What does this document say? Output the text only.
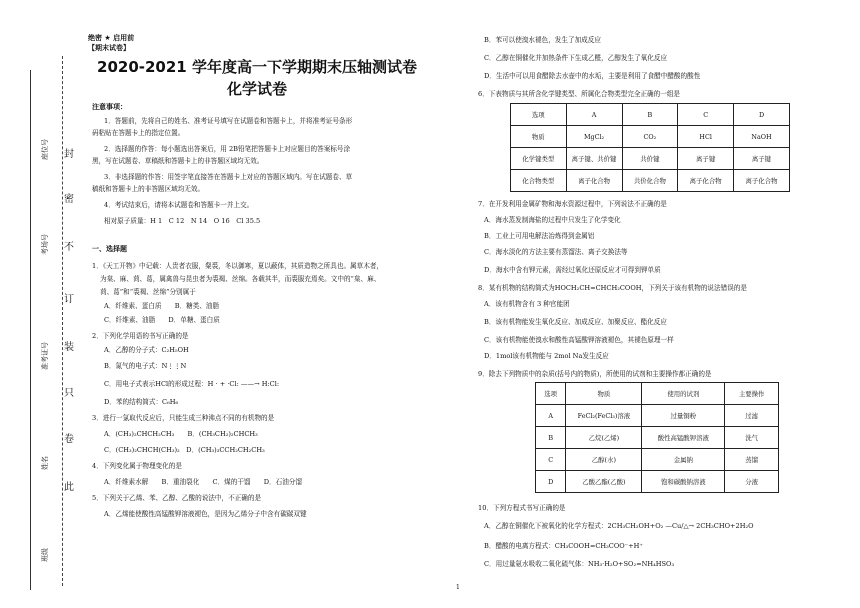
座位号
考场号
准考证号
姓名
班级
封
密
不
订
装
只
卷
此
绝密 ★ 启用前
【期末试卷】
2020-2021 学年度高一下学期期末压轴测试卷
化学试卷
注意事项：
1．答题前，先将自己的姓名、准考证号填写在试题卷和答题卡上，并将准考证号条形
码粘贴在答题卡上的指定位置。
2．选择题的作答：每小题选出答案后，用 2B铅笔把答题卡上对应题目的答案标号涂
黑，写在试题卷、草稿纸和答题卡上的非答题区域均无效。
3．非选择题的作答：用签字笔直接答在答题卡上对应的答题区域内。写在试题卷、草
稿纸和答题卡上的非答题区域均无效。
4．考试结束后，请将本试题卷和答题卡一并上交。
相对原子质量：H 1　C 12　N 14　O 16　Cl 35.5
一、选择题
1．《天工开物》中记载：人贵者衣服，粲裘，冬以御寒，夏以蔽体，其质造物之所具也。属草木者，
为枲、麻、苘、葛，属禽兽与昆虫者为裘褐、丝绵。各载其半，而裘服充焉矣。文中的“枲、麻、
苘、葛”和“裘褐、丝绵”分别属于
A．纤维素、蛋白质　　B．糖类、油脂
C．纤维素、油脂　　D．单糖、蛋白质
2．下列化学用语的书写正确的是
A．乙醇的分子式：C₂H₅OH
B．氮气的电子式：N⋮⋮N
C．用电子式表示HCl的形成过程：H · + ·Cl: ——→ H:Cl:
D．苯的结构简式：C₆H₆
3．进行一氯取代反应后，只能生成三种沸点不同的有机物的是
A．(CH₃)₂CHCH₂CH₃　　B．(CH₃CH₂)₂CHCH₃
C．(CH₃)₂CHCH(CH₃)₂　D．(CH₃)₃CCH₂CH₂CH₃
4．下列变化属于物理变化的是
A．纤维素水解　　B．重油裂化　　C．煤的干馏　　D．石油分馏
5．下列关于乙烯、苯、乙醇、乙酸的说法中，不正确的是
A．乙烯能使酸性高锰酸钾溶液褪色，是因为乙烯分子中含有碳碳双键
B．苯可以使溴水褪色，发生了加成反应
C．乙醇在铜催化并加热条件下生成乙醛，乙醇发生了氧化反应
D．生活中可以用食醋除去水壶中的水垢，主要是利用了食醋中醋酸的酸性
6．下表物质与其所含化学键类型、所属化合物类型完全正确的一组是
选项	A	B	C	D
物质	MgCl₂	CO₂	HCl	NaOH
化学键类型	离子键、共价键	共价键	离子键	离子键
化合物类型	离子化合物	共价化合物	离子化合物	离子化合物
7．在开发利用金属矿物和海水资源过程中，下列说法不正确的是
A．海水蒸发制海盐的过程中只发生了化学变化
B．工业上可用电解法冶炼得到金属铝
C．海水淡化的方法主要有蒸馏法、离子交换法等
D．海水中含有钾元素，需经过氧化还原反应才可得到钾单质
8．某有机物的结构简式为HOCH₂CH=CHCH₂COOH，下列关于该有机物的说法错误的是
A．该有机物含有 3 种官能团
B．该有机物能发生氧化反应、加成反应、加聚反应、酯化反应
C．该有机物能使溴水和酸性高锰酸钾溶液褪色，其褪色原理一样
D．1mol该有机物能与 2mol Na发生反应
9．除去下列物质中的杂质(括号内的物质)，所使用的试剂和主要操作都正确的是
选项	物质	使用的试剂	主要操作
A	FeCl₂(FeCl₃)溶液	过量铜粉	过滤
B	乙烷(乙烯)	酸性高锰酸钾溶液	洗气
C	乙醇(水)	金属钠	蒸馏
D	乙酸乙酯(乙酸)	饱和碳酸钠溶液	分液
10．下列方程式书写正确的是
A．乙醇在铜催化下被氧化的化学方程式：2CH₃CH₂OH+O₂ —Cu/△→ 2CH₃CHO+2H₂O
B．醋酸的电离方程式：CH₃COOH=CH₃COO⁻+H⁺
C．用过量氨水吸收二氧化硫气体：NH₃·H₂O+SO₂=NH₄HSO₃
1
